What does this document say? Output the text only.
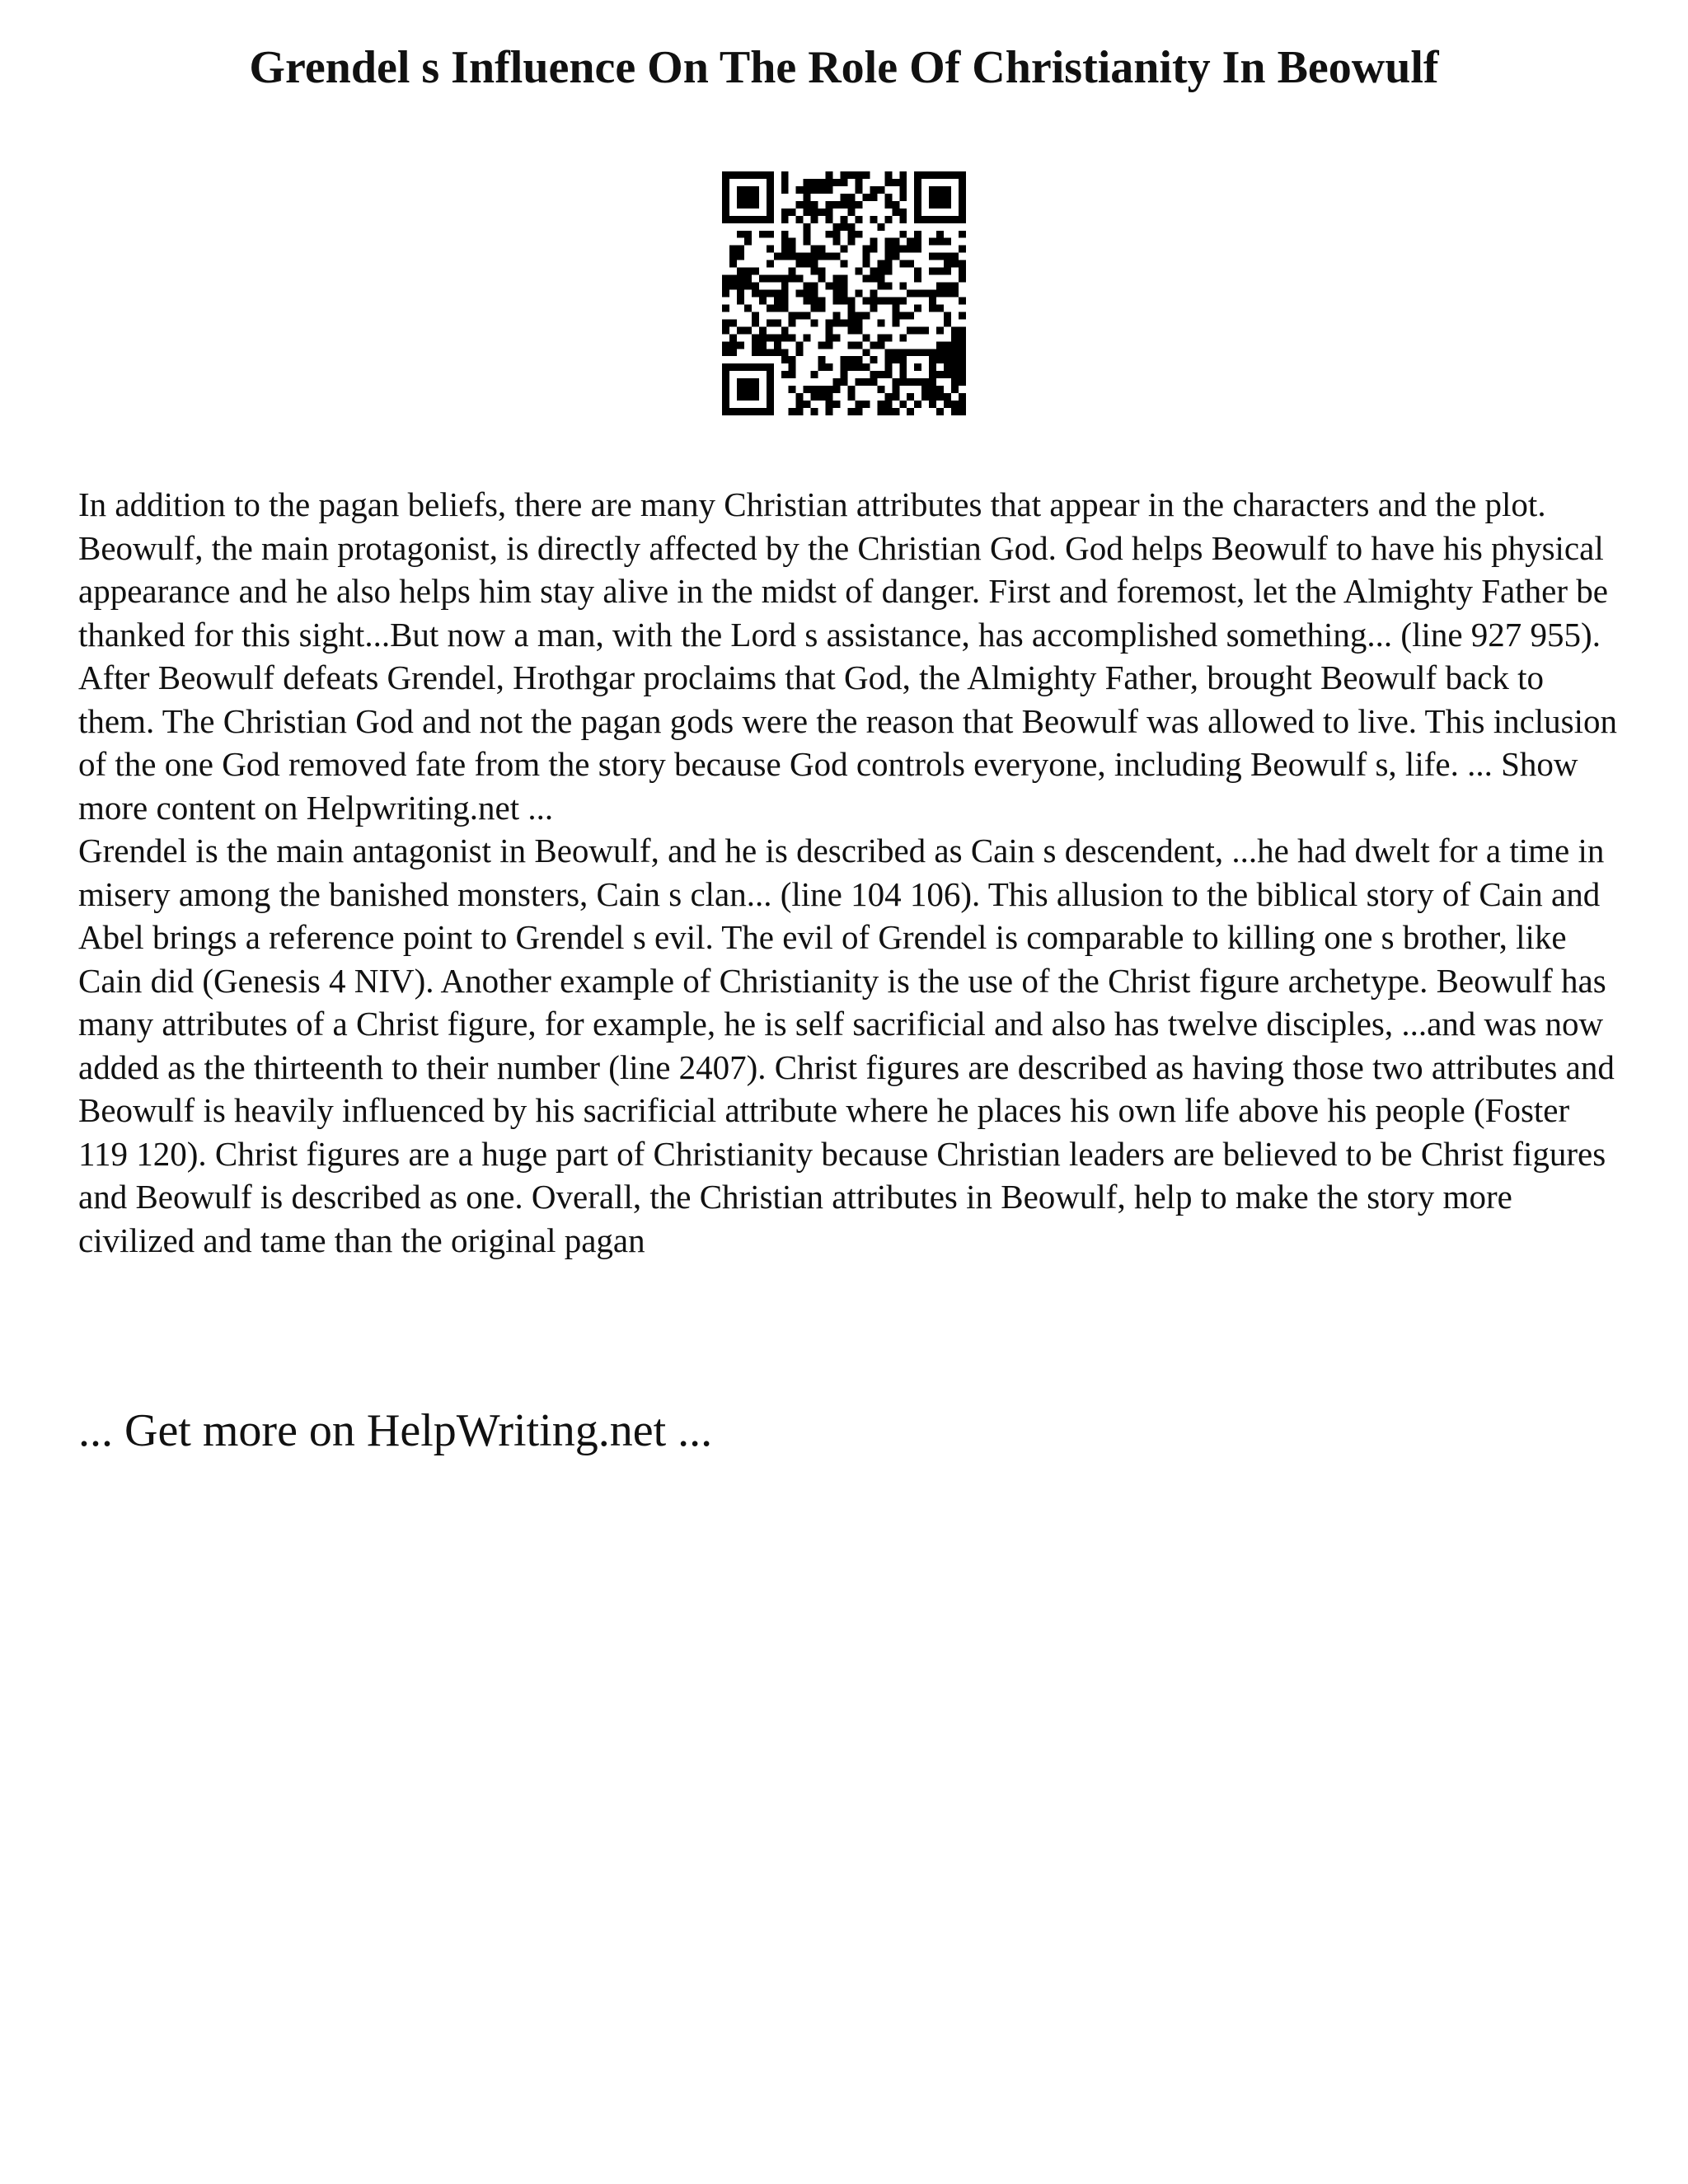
Grendel s Influence On The Role Of Christianity In Beowulf

In addition to the pagan beliefs, there are many Christian attributes that appear in the characters and the plot. Beowulf, the main protagonist, is directly affected by the Christian God. God helps Beowulf to have his physical appearance and he also helps him stay alive in the midst of danger. First and foremost, let the Almighty Father be thanked for this sight...But now a man, with the Lord s assistance, has accomplished something... (line 927 955). After Beowulf defeats Grendel, Hrothgar proclaims that God, the Almighty Father, brought Beowulf back to them. The Christian God and not the pagan gods were the reason that Beowulf was allowed to live. This inclusion of the one God removed fate from the story because God controls everyone, including Beowulf s, life. ... Show more content on Helpwriting.net ...

Grendel is the main antagonist in Beowulf, and he is described as Cain s descendent, ...he had dwelt for a time in misery among the banished monsters, Cain s clan... (line 104 106). This allusion to the biblical story of Cain and Abel brings a reference point to Grendel s evil. The evil of Grendel is comparable to killing one s brother, like Cain did (Genesis 4 NIV). Another example of Christianity is the use of the Christ figure archetype. Beowulf has many attributes of a Christ figure, for example, he is self sacrificial and also has twelve disciples, ...and was now added as the thirteenth to their number (line 2407). Christ figures are described as having those two attributes and Beowulf is heavily influenced by his sacrificial attribute where he places his own life above his people (Foster 119 120). Christ figures are a huge part of Christianity because Christian leaders are believed to be Christ figures and Beowulf is described as one. Overall, the Christian attributes in Beowulf, help to make the story more civilized and tame than the original pagan

... Get more on HelpWriting.net ...
